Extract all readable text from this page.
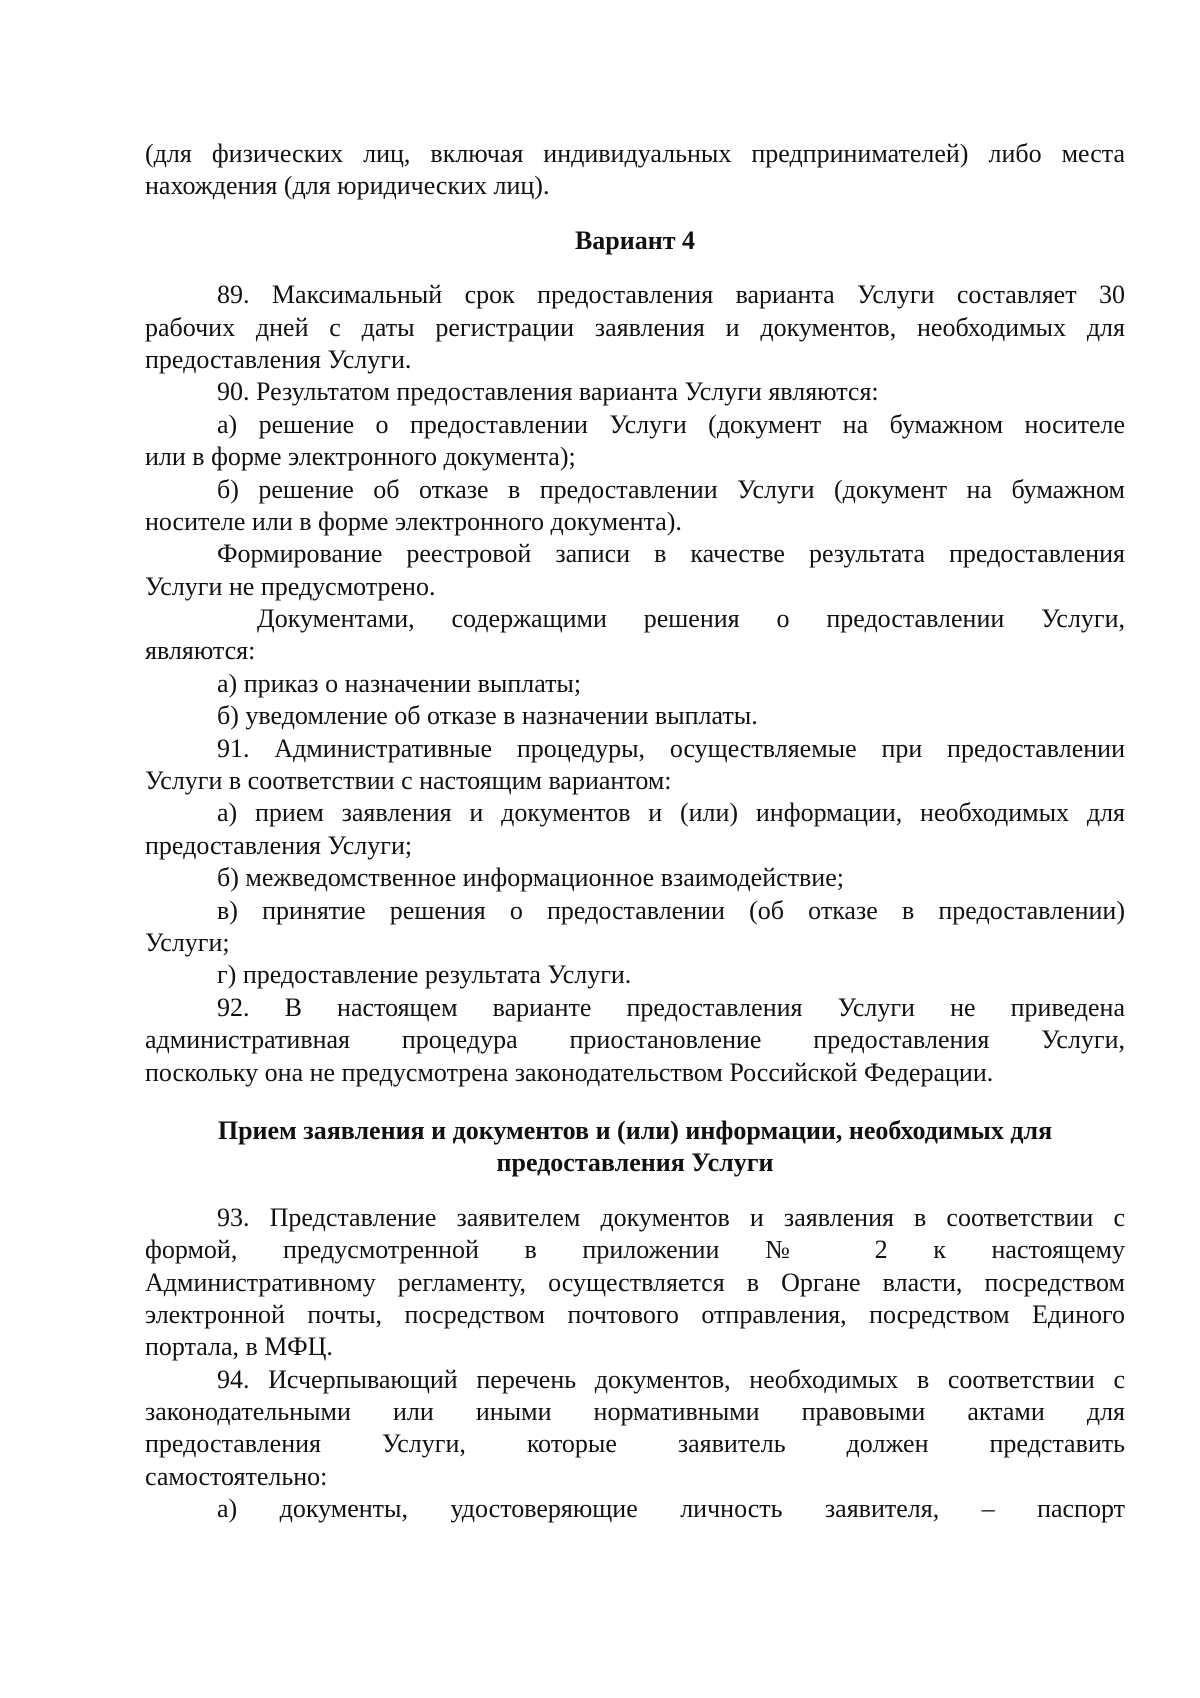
(для физических лиц, включая индивидуальных предпринимателей) либо места
нахождения (для юридических лиц).
Вариант 4
89. Максимальный срок предоставления варианта Услуги составляет 30
рабочих дней с даты регистрации заявления и документов, необходимых для
предоставления Услуги.
90. Результатом предоставления варианта Услуги являются:
а) решение о предоставлении Услуги (документ на бумажном носителе
или в форме электронного документа);
б) решение об отказе в предоставлении Услуги (документ на бумажном
носителе или в форме электронного документа).
Формирование реестровой записи в качестве результата предоставления
Услуги не предусмотрено.
Документами, содержащими решения о предоставлении Услуги,
являются:
а) приказ о назначении выплаты;
б) уведомление об отказе в назначении выплаты.
91. Административные процедуры, осуществляемые при предоставлении
Услуги в соответствии с настоящим вариантом:
а) прием заявления и документов и (или) информации, необходимых для
предоставления Услуги;
б) межведомственное информационное взаимодействие;
в) принятие решения о предоставлении (об отказе в предоставлении)
Услуги;
г) предоставление результата Услуги.
92. В настоящем варианте предоставления Услуги не приведена
административная процедура приостановление предоставления Услуги,
поскольку она не предусмотрена законодательством Российской Федерации.
Прием заявления и документов и (или) информации, необходимых для
предоставления Услуги
93. Представление заявителем документов и заявления в соответствии с
формой, предусмотренной в приложении № 2 к настоящему
Административному регламенту, осуществляется в Органе власти, посредством
электронной почты, посредством почтового отправления, посредством Единого
портала, в МФЦ.
94. Исчерпывающий перечень документов, необходимых в соответствии с
законодательными или иными нормативными правовыми актами для
предоставления Услуги, которые заявитель должен представить
самостоятельно:
а) документы, удостоверяющие личность заявителя, – паспорт
